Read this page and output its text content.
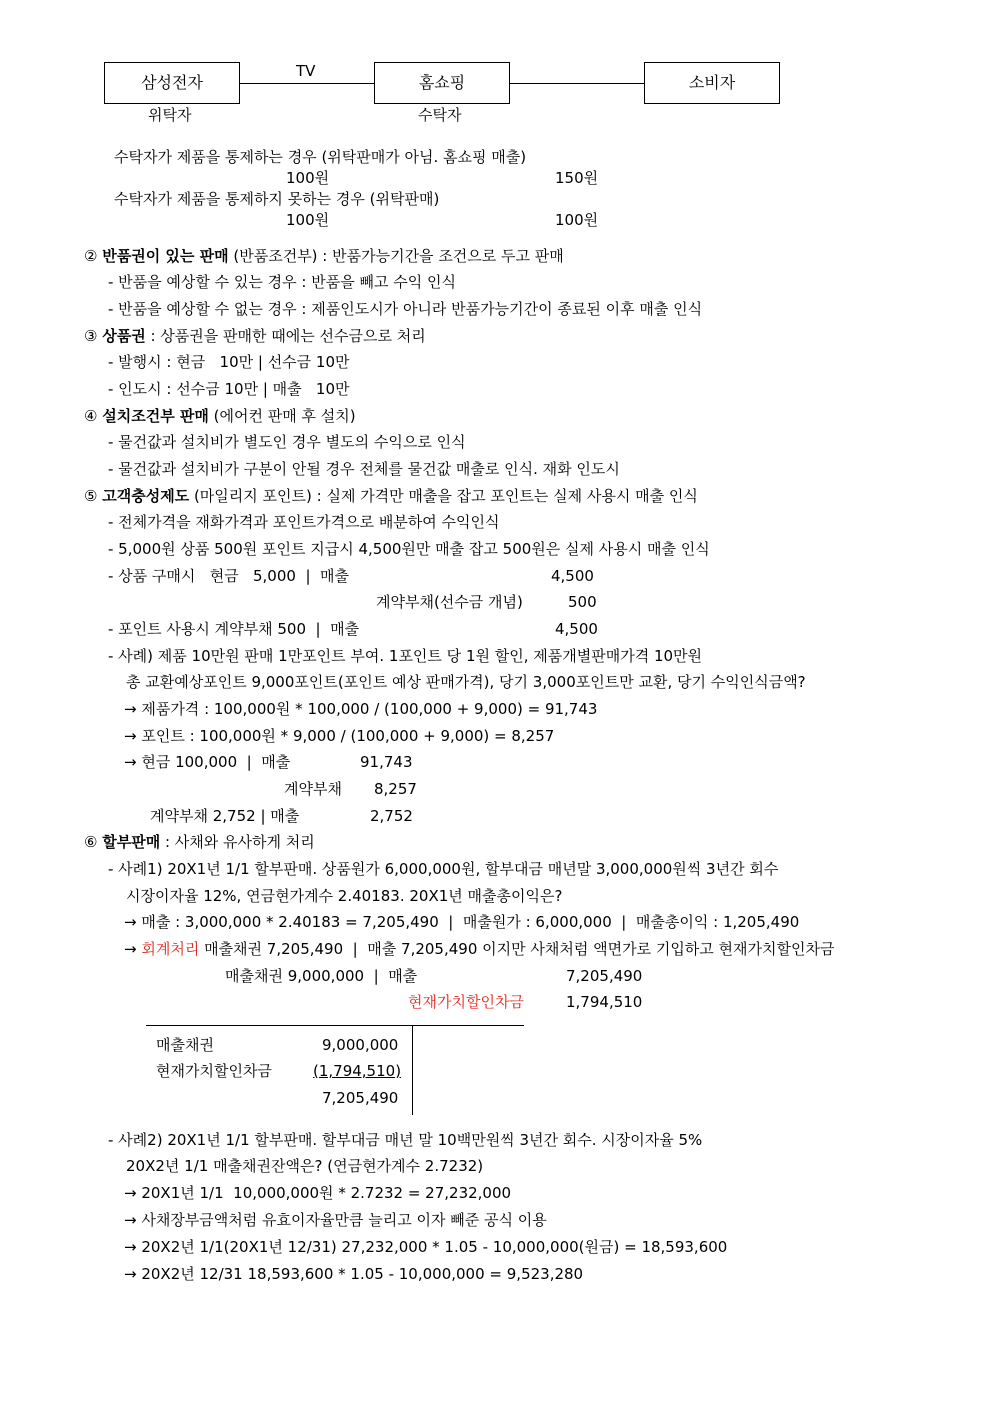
삼성전자	홈쇼핑	소비자
TV
위탁자	수탁자
수탁자가 제품을 통제하는 경우 (위탁판매가 아님. 홈쇼핑 매출)
100원	150원
수탁자가 제품을 통제하지 못하는 경우 (위탁판매)
100원	100원
② 반품권이 있는 판매 (반품조건부) : 반품가능기간을 조건으로 두고 판매
- 반품을 예상할 수 있는 경우 : 반품을 빼고 수익 인식
- 반품을 예상할 수 없는 경우 : 제품인도시가 아니라 반품가능기간이 종료된 이후 매출 인식
③ 상품권 : 상품권을 판매한 때에는 선수금으로 처리
- 발행시 : 현금   10만 | 선수금 10만
- 인도시 : 선수금 10만 | 매출   10만
④ 설치조건부 판매 (에어컨 판매 후 설치)
- 물건값과 설치비가 별도인 경우 별도의 수익으로 인식
- 물건값과 설치비가 구분이 안될 경우 전체를 물건값 매출로 인식. 재화 인도시
⑤ 고객충성제도 (마일리지 포인트) : 실제 가격만 매출을 잡고 포인트는 실제 사용시 매출 인식
- 전체가격을 재화가격과 포인트가격으로 배분하여 수익인식
- 5,000원 상품 500원 포인트 지급시 4,500원만 매출 잡고 500원은 실제 사용시 매출 인식
- 상품 구매시   현금   5,000  |  매출	4,500
계약부채(선수금 개념)	500
- 포인트 사용시 계약부채 500  |  매출	4,500
- 사례) 제품 10만원 판매 1만포인트 부여. 1포인트 당 1원 할인, 제품개별판매가격 10만원
총 교환예상포인트 9,000포인트(포인트 예상 판매가격), 당기 3,000포인트만 교환, 당기 수익인식금액?
→ 제품가격 : 100,000원 * 100,000 / (100,000 + 9,000) = 91,743
→ 포인트 : 100,000원 * 9,000 / (100,000 + 9,000) = 8,257
→ 현금 100,000  |  매출	91,743
계약부채 8,257
계약부채 2,752 | 매출	2,752
⑥ 할부판매 : 사채와 유사하게 처리
- 사례1) 20X1년 1/1 할부판매. 상품원가 6,000,000원, 할부대금 매년말 3,000,000원씩 3년간 회수
시장이자율 12%, 연금현가계수 2.40183. 20X1년 매출총이익은?
→ 매출 : 3,000,000 * 2.40183 = 7,205,490  |  매출원가 : 6,000,000  |  매출총이익 : 1,205,490
→ 회계처리 매출채권 7,205,490  |  매출 7,205,490 이지만 사채처럼 액면가로 기입하고 현재가치할인차금
매출채권 9,000,000  |  매출	7,205,490
현재가치할인차금	1,794,510
매출채권	9,000,000
현재가치할인차금	(1,794,510)
7,205,490
- 사례2) 20X1년 1/1 할부판매. 할부대금 매년 말 10백만원씩 3년간 회수. 시장이자율 5%
20X2년 1/1 매출채권잔액은? (연금현가계수 2.7232)
→ 20X1년 1/1  10,000,000원 * 2.7232 = 27,232,000
→ 사채장부금액처럼 유효이자율만큼 늘리고 이자 빼준 공식 이용
→ 20X2년 1/1(20X1년 12/31) 27,232,000 * 1.05 - 10,000,000(원금) = 18,593,600
→ 20X2년 12/31 18,593,600 * 1.05 - 10,000,000 = 9,523,280
